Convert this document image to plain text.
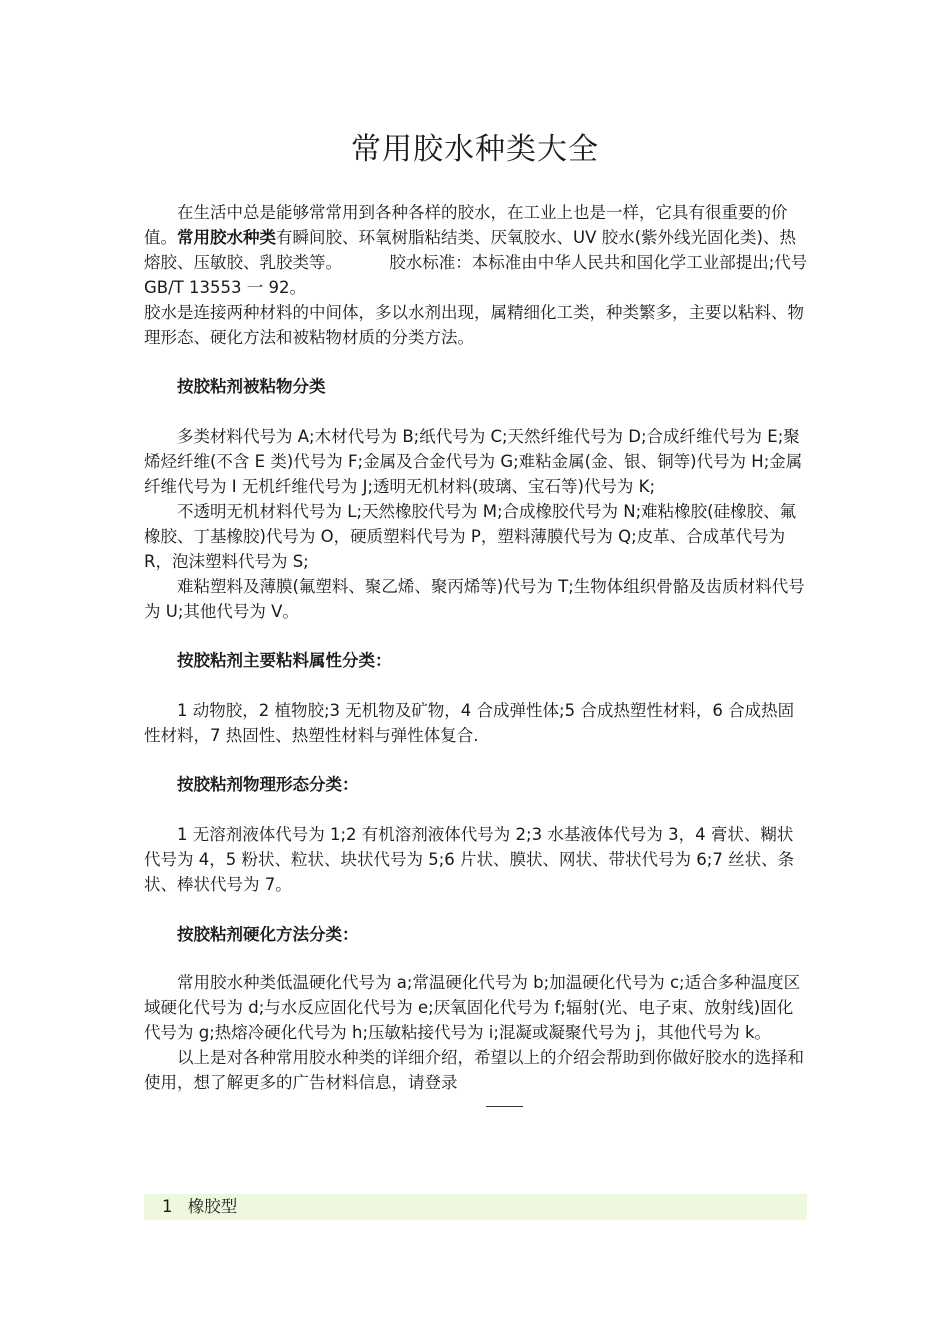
常用胶水种类大全

在生活中总是能够常常用到各种各样的胶水，在工业上也是一样，它具有很重要的价值。常用胶水种类有瞬间胶、环氧树脂粘结类、厌氧胶水、UV 胶水(紫外线光固化类)、热熔胶、压敏胶、乳胶类等。         胶水标准：本标准由中华人民共和国化学工业部提出;代号 GB/T 13553 一 92。

胶水是连接两种材料的中间体，多以水剂出现，属精细化工类，种类繁多，主要以粘料、物理形态、硬化方法和被粘物材质的分类方法。

按胶粘剂被粘物分类

多类材料代号为 A;木材代号为 B;纸代号为 C;天然纤维代号为 D;合成纤维代号为 E;聚烯烃纤维(不含 E 类)代号为 F;金属及合金代号为 G;难粘金属(金、银、铜等)代号为 H;金属纤维代号为 I 无机纤维代号为 J;透明无机材料(玻璃、宝石等)代号为 K;

不透明无机材料代号为 L;天然橡胶代号为 M;合成橡胶代号为 N;难粘橡胶(硅橡胶、氟橡胶、丁基橡胶)代号为 O，硬质塑料代号为 P，塑料薄膜代号为 Q;皮革、合成革代号为 R，泡沫塑料代号为 S;

难粘塑料及薄膜(氟塑料、聚乙烯、聚丙烯等)代号为 T;生物体组织骨骼及齿质材料代号为 U;其他代号为 V。

按胶粘剂主要粘料属性分类：

1 动物胶，2 植物胶;3 无机物及矿物，4 合成弹性体;5 合成热塑性材料，6 合成热固性材料，7 热固性、热塑性材料与弹性体复合.

按胶粘剂物理形态分类：

1 无溶剂液体代号为 1;2 有机溶剂液体代号为 2;3 水基液体代号为 3，4 膏状、糊状代号为 4，5 粉状、粒状、块状代号为 5;6 片状、膜状、网状、带状代号为 6;7 丝状、条状、棒状代号为 7。

按胶粘剂硬化方法分类：

常用胶水种类低温硬化代号为 a;常温硬化代号为 b;加温硬化代号为 c;适合多种温度区域硬化代号为 d;与水反应固化代号为 e;厌氧固化代号为 f;辐射(光、电子束、放射线)固化代号为 g;热熔冷硬化代号为 h;压敏粘接代号为 i;混凝或凝聚代号为 j，其他代号为 k。

以上是对各种常用胶水种类的详细介绍，希望以上的介绍会帮助到你做好胶水的选择和使用，想了解更多的广告材料信息，请登录

1 橡胶型
